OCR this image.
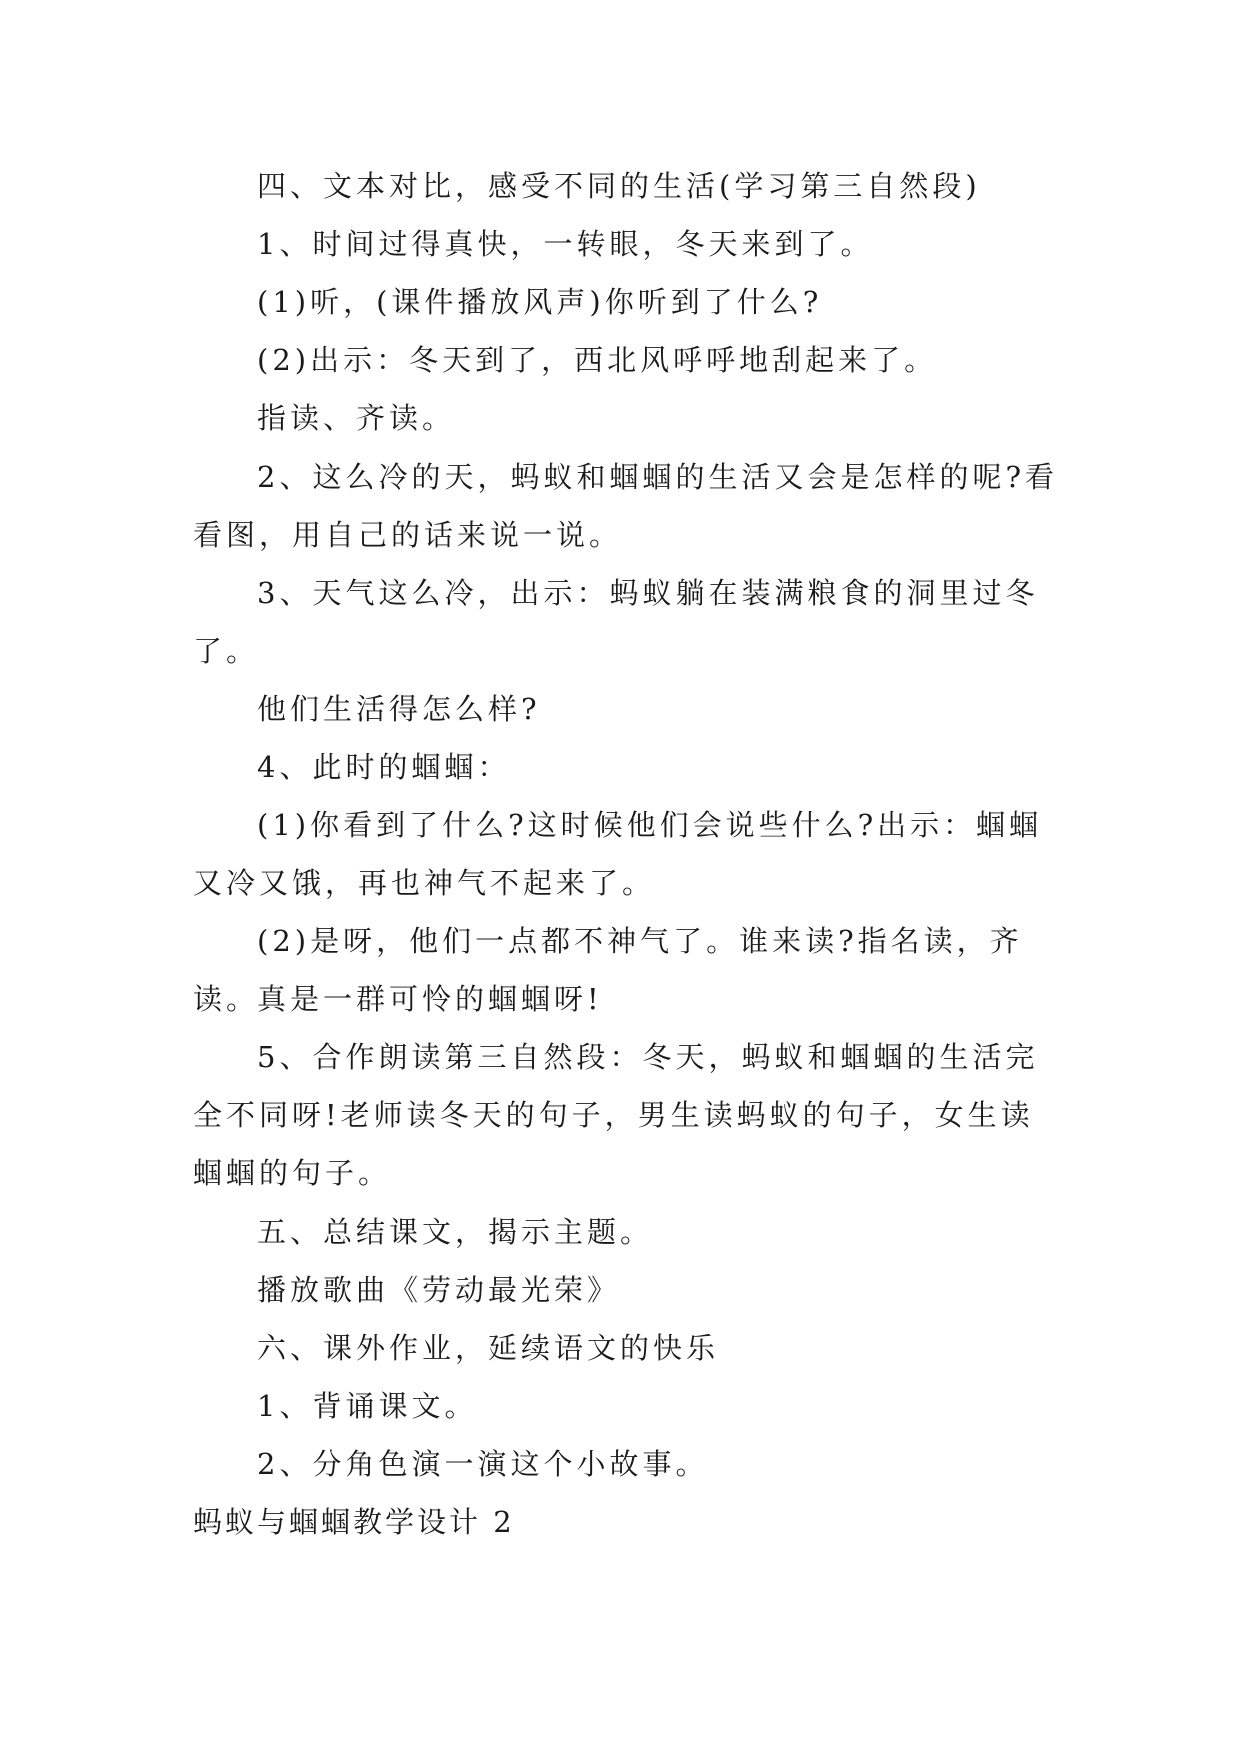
四、文本对比，感受不同的生活(学习第三自然段)

1、时间过得真快，一转眼，冬天来到了。

(1)听，(课件播放风声)你听到了什么?

(2)出示：冬天到了，西北风呼呼地刮起来了。

指读、齐读。

2、这么冷的天，蚂蚁和蝈蝈的生活又会是怎样的呢?看看图，用自己的话来说一说。

3、天气这么冷，出示：蚂蚁躺在装满粮食的洞里过冬了。

他们生活得怎么样?

4、此时的蝈蝈：

(1)你看到了什么?这时候他们会说些什么?出示：蝈蝈又冷又饿，再也神气不起来了。

(2)是呀，他们一点都不神气了。谁来读?指名读，齐读。

真是一群可怜的蝈蝈呀!

5、合作朗读第三自然段：冬天，蚂蚁和蝈蝈的生活完全不同呀!老师读冬天的句子，男生读蚂蚁的句子，女生读蝈蝈的句子。

五、总结课文，揭示主题。

播放歌曲《劳动最光荣》

六、课外作业，延续语文的快乐

1、背诵课文。

2、分角色演一演这个小故事。

蚂蚁与蝈蝈教学设计 2
